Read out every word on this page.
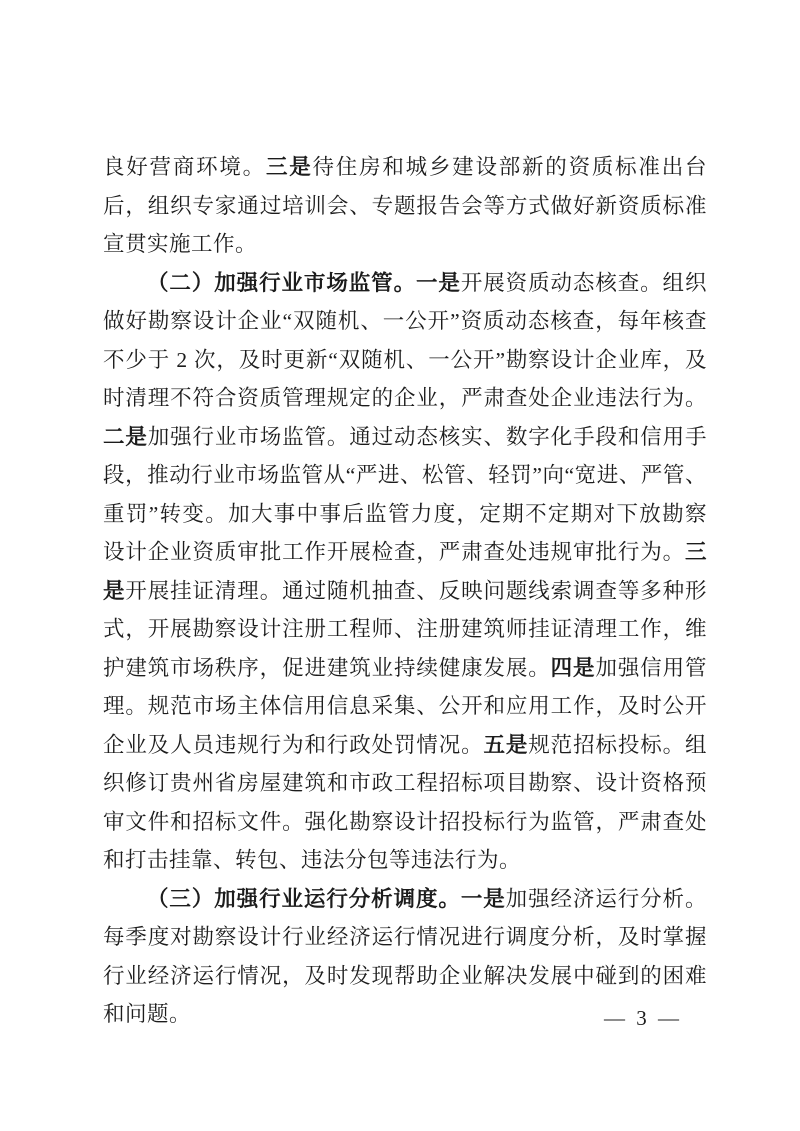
良好营商环境。三是待住房和城乡建设部新的资质标准出台后，组织专家通过培训会、专题报告会等方式做好新资质标准宣贯实施工作。

（二）加强行业市场监管。一是开展资质动态核查。组织做好勘察设计企业“双随机、一公开”资质动态核查，每年核查不少于 2 次，及时更新“双随机、一公开”勘察设计企业库，及时清理不符合资质管理规定的企业，严肃查处企业违法行为。二是加强行业市场监管。通过动态核实、数字化手段和信用手段，推动行业市场监管从“严进、松管、轻罚”向“宽进、严管、重罚”转变。加大事中事后监管力度，定期不定期对下放勘察设计企业资质审批工作开展检查，严肃查处违规审批行为。三是开展挂证清理。通过随机抽查、反映问题线索调查等多种形式，开展勘察设计注册工程师、注册建筑师挂证清理工作，维护建筑市场秩序，促进建筑业持续健康发展。四是加强信用管理。规范市场主体信用信息采集、公开和应用工作，及时公开企业及人员违规行为和行政处罚情况。五是规范招标投标。组织修订贵州省房屋建筑和市政工程招标项目勘察、设计资格预审文件和招标文件。强化勘察设计招投标行为监管，严肃查处和打击挂靠、转包、违法分包等违法行为。

（三）加强行业运行分析调度。一是加强经济运行分析。每季度对勘察设计行业经济运行情况进行调度分析，及时掌握行业经济运行情况，及时发现帮助企业解决发展中碰到的困难和问题。	— 3 —
